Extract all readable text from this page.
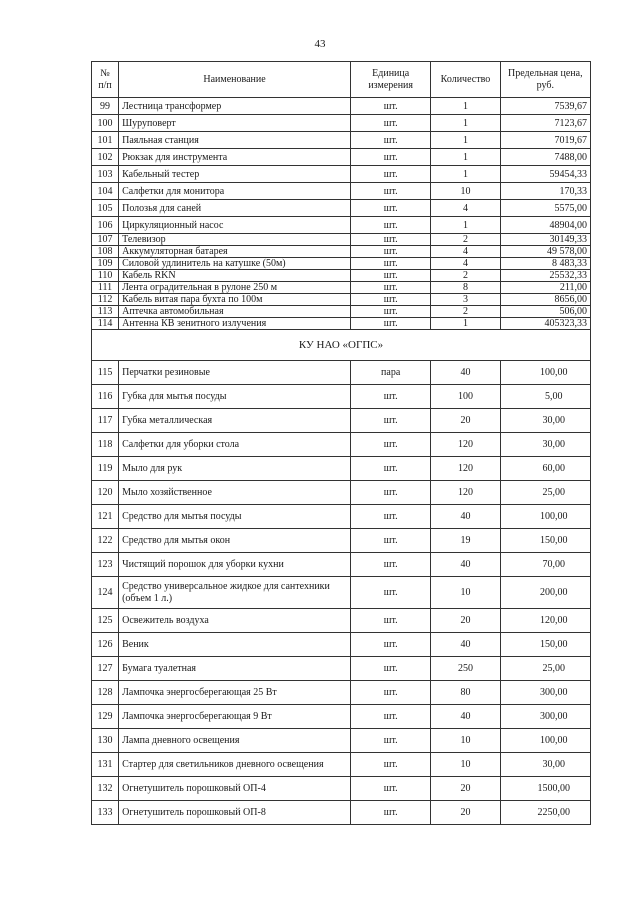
43
№ п/п	Наименование	Единица измерения	Количество	Предельная цена, руб.
99	Лестница трансформер	шт.	1	7539,67
100	Шуруповерт	шт.	1	7123,67
101	Паяльная станция	шт.	1	7019,67
102	Рюкзак для инструмента	шт.	1	7488,00
103	Кабельный тестер	шт.	1	59454,33
104	Салфетки для монитора	шт.	10	170,33
105	Полозья для саней	шт.	4	5575,00
106	Циркуляционный насос	шт.	1	48904,00
107	Телевизор	шт.	2	30149,33
108	Аккумуляторная батарея	шт.	4	49 578,00
109	Силовой удлинитель на катушке (50м)	шт.	4	8 483,33
110	Кабель RKN	шт.	2	25532,33
111	Лента оградительная в рулоне 250 м	шт.	8	211,00
112	Кабель витая пара бухта по 100м	шт.	3	8656,00
113	Аптечка автомобильная	шт.	2	506,00
114	Антенна КВ зенитного излучения	шт.	1	405323,33
КУ НАО «ОГПС»				
115	Перчатки резиновые	пара	40	100,00
116	Губка для мытья посуды	шт.	100	5,00
117	Губка металлическая	шт.	20	30,00
118	Салфетки для уборки стола	шт.	120	30,00
119	Мыло для рук	шт.	120	60,00
120	Мыло хозяйственное	шт.	120	25,00
121	Средство для мытья посуды	шт.	40	100,00
122	Средство для мытья окон	шт.	19	150,00
123	Чистящий порошок для уборки кухни	шт.	40	70,00
124	Средство универсальное жидкое для сантехники (объем 1 л.)	шт.	10	200,00
125	Освежитель воздуха	шт.	20	120,00
126	Веник	шт.	40	150,00
127	Бумага туалетная	шт.	250	25,00
128	Лампочка энергосберегающая 25 Вт	шт.	80	300,00
129	Лампочка энергосберегающая 9 Вт	шт.	40	300,00
130	Лампа дневного освещения	шт.	10	100,00
131	Стартер для светильников дневного освещения	шт.	10	30,00
132	Огнетушитель порошковый ОП-4	шт.	20	1500,00
133	Огнетушитель порошковый ОП-8	шт.	20	2250,00
